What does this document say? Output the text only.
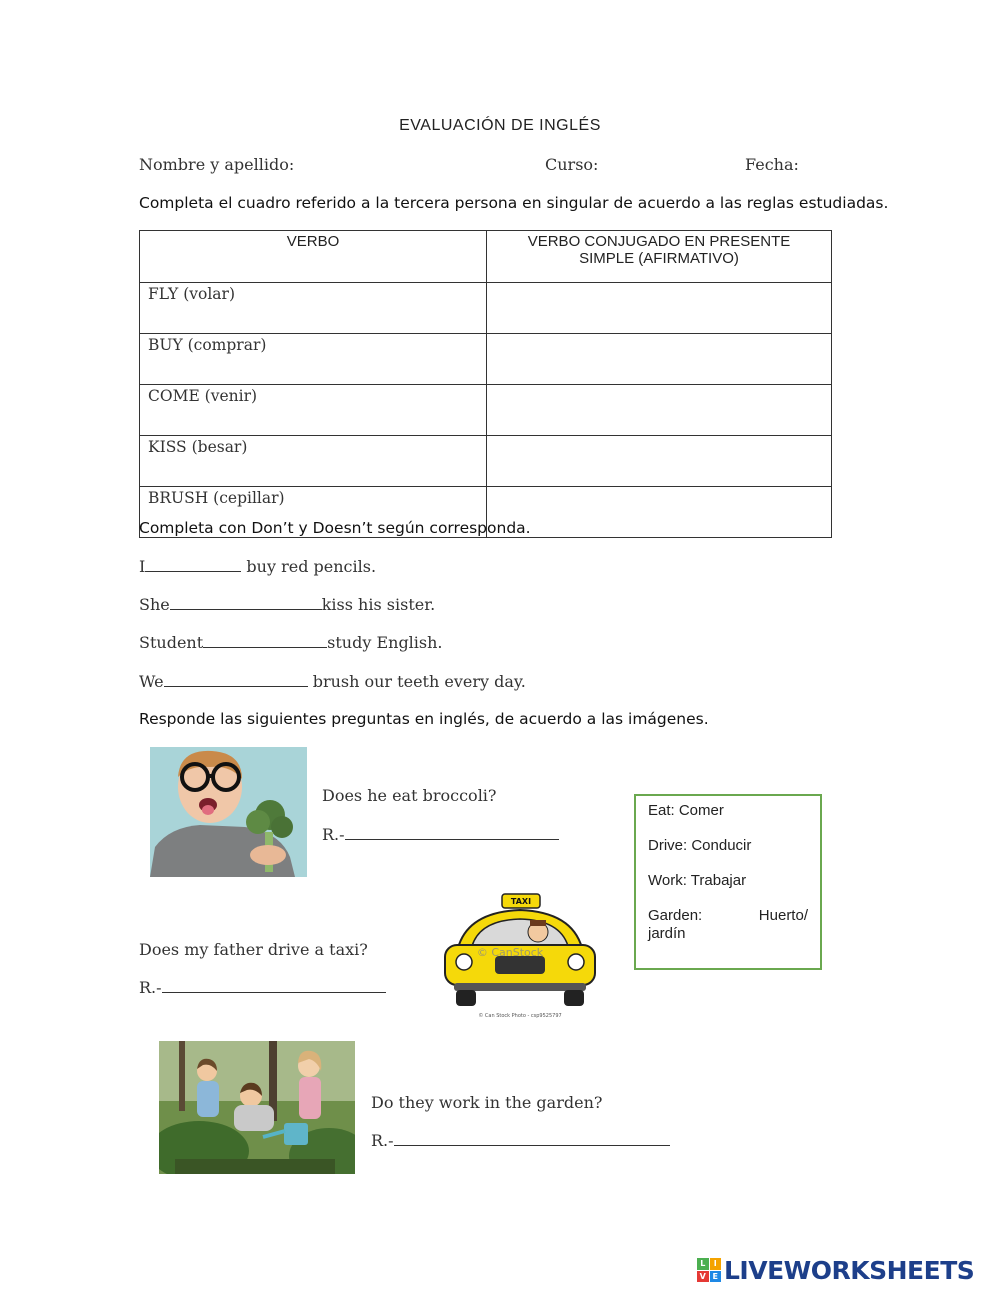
EVALUACIÓN DE INGLÉS
Nombre y apellido:	Curso:	Fecha:
Completa el cuadro referido a la tercera persona en singular de acuerdo a las reglas estudiadas.
VERBO	VERBO CONJUGADO EN PRESENTE
SIMPLE (AFIRMATIVO)
FLY (volar)	
BUY (comprar)	
COME (venir)	
KISS (besar)	
BRUSH (cepillar)	
Completa con Don’t y Doesn’t según corresponda.
I	buy red pencils.
She	kiss his sister.
Student	study English.
We	brush our teeth every day.
Responde las siguientes preguntas en inglés, de acuerdo a las imágenes.
Does he eat broccoli?
R.-
Does my father drive a taxi?
R.-
TAXI
© CanStock
© Can Stock Photo - csp9525797
Eat: Comer
Drive: Conducir
Work: Trabajar
Garden:	Huerto/
jardín
Do they work in the garden?
R.-
L	I
V E LIVEWORKSHEETS
